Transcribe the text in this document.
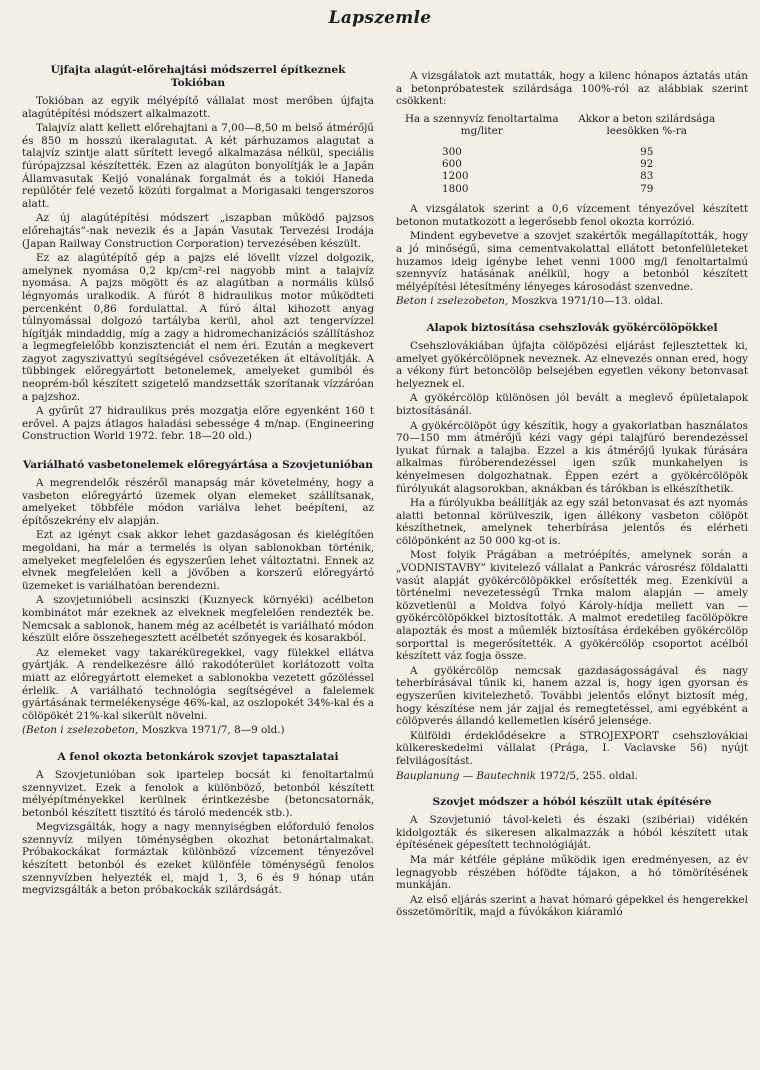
Lapszemle
Újfajta alagút-előrehajtási módszerrel építkeznek Tokióban

Tokióban az egyik mélyépítő vállalat most merőben újfajta alagútépítési módszert alkalmazott.

Talajvíz alatt kellett előrehajtani a 7,00—8,50 m belső átmérőjű és 850 m hosszú ikeralagutat. A két párhuzamos alagutat a talajvíz szintje alatt sűrített levegő alkalmazása nélkül, speciális fúrópajzzsal készítették. Ezen az alagúton bonyolítják le a Japán Államvasutak Keijó vonalának forgalmát és a tokiói Haneda repülőtér felé vezető közúti forgalmat a Morigasaki tengerszoros alatt.

Az új alagútépítési módszert „iszapban működő pajzsos előrehajtás”-nak nevezik és a Japán Vasutak Tervezési Irodája (Japan Railway Construction Corporation) tervezésében készült.

Ez az alagútépítő gép a pajzs elé lövellt vízzel dolgozik, amelynek nyomása 0,2 kp/cm²-rel nagyobb mint a talajvíz nyomása. A pajzs mögött és az alagútban a normális külső légnyomás uralkodik. A fúrót 8 hidraulikus motor működteti percenként 0,86 fordulattal. A fúró által kihozott anyag túlnyomással dolgozó tartályba kerül, ahol azt tengervízzel hígítják mindaddig, míg a zagy a hidromechanizációs szállításhoz a legmegfelelőbb konzisztenciát el nem éri. Ezután a megkevert zagyot zagyszivattyú segítségével csővezetéken át eltávolítják. A tübbingek előregyártott betonelemek, amelyeket gumiból és neoprém-ből készített szigetelő mandzsetták szorítanak vízzáróan a pajzshoz.

A gyűrűt 27 hidraulikus prés mozgatja előre egyenként 160 t erővel. A pajzs átlagos haladási sebessége 4 m/nap. (Engineering Construction World 1972. febr. 18—20 old.)

Variálható vasbetonelemek előregyártása a Szovjetunióban

A megrendelők részéről manapság már követelmény, hogy a vasbeton előregyártó üzemek olyan elemeket szállítsanak, amelyeket többféle módon variálva lehet beépíteni, az építőszekrény elv alapján.

Ezt az igényt csak akkor lehet gazdaságosan és kielégítően megoldani, ha már a termelés is olyan sablonokban történik, amelyeket megfelelően és egyszerűen lehet változtatni. Ennek az elvnek megfelelően kell a jövőben a korszerű előregyártó üzemeket is variálhatóan berendezni.

A szovjetunióbeli acsinszki (Kuznyeck környéki) acélbeton kombinátot már ezeknek az elveknek megfelelően rendezték be. Nemcsak a sablonok, hanem még az acélbetét is variálható módon készült előre összehegesztett acélbetét szőnyegek és kosarakból.

Az elemeket vagy takaréküregekkel, vagy fülekkel ellátva gyártják. A rendelkezésre álló rakodóterület korlátozott volta miatt az előregyártott elemeket a sablonokba vezetett gőzöléssel érlelik. A variálható technológia segítségével a falelemek gyártásának termelékenysége 46%-kal, az oszlopokét 34%-kal és a cölöpökét 21%-kal sikerült növelni.

(Beton i zselezobeton, Moszkva 1971/7, 8—9 old.)

A fenol okozta betonkárok szovjet tapasztalatai

A Szovjetunióban sok ipartelep bocsát ki fenoltartalmú szennyvizet. Ezek a fenolok a különböző, betonból készített mélyépítményekkel kerülnek érintkezésbe (betoncsatornák, betonból készített tisztító és tároló medencék stb.).

Megvizsgálták, hogy a nagy mennyiségben előforduló fenolos szennyvíz milyen töménységben okozhat betonártalmakat. Próbakockákat formáztak különböző vízcement tényezővel készített betonból és ezeket különféle töménységű fenolos szennyvízben helyezték el, majd 1, 3, 6 és 9 hónap után megvizsgálták a beton próbakockák szilárdságát.

A vizsgálatok azt mutatták, hogy a kilenc hónapos áztatás után a betonpróbatestek szilárdsága 100%-ról az alábbiak szerint csökkent:

Ha a szennyvíz fenoltartalma mg/liter	Akkor a beton szilárdsága leesökken %-ra
300	95
600	92
1200	83
1800	79

A vizsgálatok szerint a 0,6 vízcement tényezővel készített betonon mutatkozott a legerősebb fenol okozta korrózió.

Mindent egybevetve a szovjet szakértők megállapították, hogy a jó minőségű, sima cementvakolattal ellátott betonfelületeket huzamos ideig igénybe lehet venni 1000 mg/l fenoltartalmú szennyvíz hatásának anélkül, hogy a betonból készített mélyépítési létesítmény lényeges károsodást szenvedne.

Beton i zselezobeton, Moszkva 1971/10—13. oldal.

Alapok biztosítása csehszlovák gyökércölöpökkel

Csehszlovákiában újfajta cölöpözési eljárást fejlesztettek ki, amelyet gyökércölöpnek neveznek. Az elnevezés onnan ered, hogy a vékony fúrt betoncölöp belsejében egyetlen vékony betonvasat helyeznek el.

A gyökércölöp különösen jól bevált a meglevő épületalapok biztosításánál.

A gyökércölöpöt úgy készítik, hogy a gyakorlatban használatos 70—150 mm átmérőjű kézi vagy gépi talajfúró berendezéssel lyukat fúrnak a talajba. Ezzel a kis átmérőjű lyukak fúrására alkalmas fúróberendezéssel igen szűk munkahelyen is kényelmesen dolgozhatnak. Éppen ezért a gyökércölöpök fúrólyukát alagsorokban, aknákban és tárókban is elkészíthetik.

Ha a fúrólyukba beállítják az egy szál betonvasat és azt nyomás alatti betonnal körülveszik, igen állékony vasbeton cölöpöt készíthetnek, amelynek teherbírása jelentős és elérheti cölöpönként az 50 000 kg-ot is.

Most folyik Prágában a metróépítés, amelynek során a „VODNISTAVBY” kivitelező vállalat a Pankrác városrész földalatti vasút alapját gyökércölöpökkel erősítették meg. Ezenkívül a történelmi nevezetességű Trnka malom alapján — amely közvetlenül a Moldva folyó Károly-hídja mellett van — gyökércölöpökkel biztosították. A malmot eredetileg facölöpökre alapozták és most a műemlék biztosítása érdekében gyökércölöp sorporttal is megerősítették. A gyökércölöp csoportot acélból készített váz fogja össze.

A gyökércölöp nemcsak gazdaságosságával és nagy teherbírásával tűnik ki, hanem azzal is, hogy igen gyorsan és egyszerűen kivitelezhető. További jelentős előnyt biztosít még, hogy készítése nem jár zajjal és remegtetéssel, ami egyébként a cölöpverés állandó kellemetlen kísérő jelensége.

Külföldi érdeklődésekre a STROJEXPORT csehszlovákiai külkereskedelmi vállalat (Prága, I. Vaclavske 56) nyújt felvilágosítást.

Bauplanung — Bautechnik 1972/5, 255. oldal.

Szovjet módszer a hóból készült utak építésére

A Szovjetunió távol-keleti és északi (szibériai) vidékén kidolgozták és sikeresen alkalmazzák a hóból készített utak építésének gépesített technológiáját.

Ma már kétféle gépláne működik igen eredményesen, az év legnagyobb részében hófödte tájakon, a hó tömörítésének munkáján.

Az első eljárás szerint a havat hómaró gépekkel és hengerekkel összetömörítik, majd a fúvókákon kiáramló
